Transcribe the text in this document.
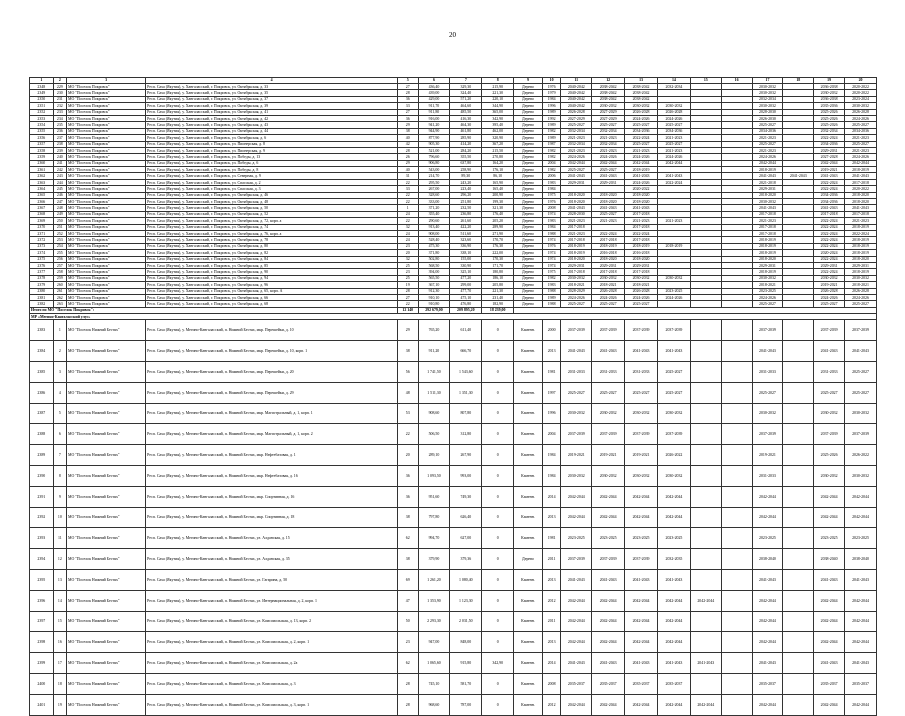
20
1	2	3	4	5	6	7	8	9	10	11	12	13	14	15	16	17	18	19	20
2348	229	МО "Поселок Покровск"	Респ. Саха (Якутия), у. Хангаласский, г. Покровск, ул. Октябрьская, д. 33	27	436,40	329,30	215,90	Дерево	1976	2040-2042	2038-2042	2038-2042	2032-2034			2030-2032		2036-2038	2020-2022
2349	230	МО "Поселок Покровск"	Респ. Саха (Якутия), у. Хангаласский, г. Покровск, ул. Октябрьская, д. 35	28	439,00	324,40	221,30	Дерево	1979	2040-2042	2038-2042	2038-2042				2030-2032		2030-2032	2020-2022
2350	231	МО "Поселок Покровск"	Респ. Саха (Якутия), у. Хангаласский, г. Покровск, ул. Октябрьская, д. 37	36	429,00	571,20	220,10	Дерево	1984	2040-2042	2038-2042	2038-2042				2032-2034		2036-2038	2023-2024
2351	232	МО "Поселок Покровск"	Респ. Саха (Якутия), у. Хангаласский, г. Покровск, ул. Октябрьская, д. 39	33	911,70	464,60	344,90	Дерево	1996	2040-2042	2030-2032	2030-2032	2030-2032			2030-2032		2035-2036	2030-2032
2352	233	МО "Поселок Покровск"	Респ. Саха (Якутия), у. Хангаласский, г. Покровск, ул. Октябрьская, д. 41	27	911,80	485,50	365,00	Дерево	1989	2026-2028	2027-2029	2026-2028	2026-2028			2028-2030		2025-2026	2026-2028
2353	234	МО "Поселок Покровск"	Респ. Саха (Якутия), у. Хангаласский, г. Покровск, ул. Октябрьская, д. 42	36	916,00	416,30	342,90	Дерево	1992	2027-2029	2027-2029	2024-2026	2024-2026			2026-2030		2025-2026	2024-2026
2354	235	МО "Поселок Покровск"	Респ. Саха (Якутия), у. Хангаласский, г. Покровск, ул. Октябрьская, д. 43	29	941,20	464,30	395,40	Дерево	1989	2025-2027	2025-2027	2025-2027	2025-2027			2025-2027		2025-2026	2025-2027
2355	236	МО "Поселок Покровск"	Респ. Саха (Якутия), у. Хангаласский, г. Покровск, ул. Октябрьская, д. 44	38	944,90	461,80	462,00	Дерево	1982	2032-2034	2032-2034	2034-2036	2034-2036			2034-2036		2032-2034	2034-2036
2356	237	МО "Поселок Покровск"	Респ. Саха (Якутия), у. Хангаласский, г. Покровск, ул. Октябрьская, д. 6	40	877,90	285,90	320,90	Дерево	1989	2021-2023	2021-2023	2022-2024	2021-2023			2021-2023		2022-2024	2021-2023
2357	238	МО "Поселок Покровск"	Респ. Саха (Якутия), у. Хангаласский, г. Покровск, ул. Пионерская, д. 8	42	905,30	414,20	367,20	Дерево	1987	2032-2034	2032-2034	2025-2027	2025-2027			2025-2027		2034-2036	2025-2027
2358	239	МО "Поселок Покровск"	Респ. Саха (Якутия), у. Хангаласский, г. Покровск, ул. Пионерская, д. 9	28	521,00	284,20	215,50	Дерево	1982	2021-2023	2021-2023	2021-2023	2021-2023			2021-2023		2029-2031	2021-2023
2359	240	МО "Поселок Покровск"	Респ. Саха (Якутия), у. Хангаласский, г. Покровск, ул. Победы, д. 13	26	796,60	355,50	270,80	Дерево	1982	2024-2026	2024-2026	2024-2026	2024-2026			2024-2026		2027-2028	2024-2026
2360	241	МО "Поселок Покровск"	Респ. Саха (Якутия), у. Хангаласский, г. Покровск, ул. Победы, д. 6	29	906,80	637,80	164,20	Дерево	2004	2042-2044	2042-2044	2042-2044	2042-2044			2042-2044		2042-2044	2042-2044
2361	242	МО "Поселок Покровск"	Респ. Саха (Якутия), у. Хангаласский, г. Покровск, ул. Победы, д. 8	40	543,00	258,90	176,10	Дерево	1982	2025-2027	2025-2027	2018-2019				2018-2019		2019-2021	2018-2019
2362	243	МО "Поселок Покровск"	Респ. Саха (Якутия), у. Хангаласский, г. Покровск, ул. Северная, д. 9	31	214,70	89,30	86,10	Дерево	2006	2041-2043	2041-2043	2041-2043	2041-2043			2041-2043	2041-2043	2041-2043	2041-2043
2363	244	МО "Поселок Покровск"	Респ. Саха (Якутия), у. Хангаласский, г. Покровск, ул. Спасская, д. 2	22	295,50	243,20	165,90	Дерево	1983	2029-2031	2029-2031	2024-2026	2022-2024			2021-2018		2022-2024	2017-2018
2364	245	МО "Поселок Покровск"	Респ. Саха (Якутия), у. Хангаласский, г. Покровск, ул. Спасская, д. 3	33	267,00	223,40	165,40	Дерево	1984			2020-2022				2029-2031		2022-2024	2020-2022
2365	246	МО "Поселок Покровск"	Респ. Саха (Якутия), у. Хангаласский, г. Покровск, ул. Октябрьская, д. 46	22	328,60	296,20	200,90	Дерево	1975	2018-2020	2018-2020	2018-2020				2018-2020		2034-2036	2018-2020
2366	247	МО "Поселок Покровск"	Респ. Саха (Якутия), у. Хангаласский, г. Покровск, ул. Октябрьская, д. 48	22	333,00	251,80	199,30	Дерево	1976	2018-2020	2018-2020	2018-2020				2030-2032		2034-2036	2018-2020
2367	248	МО "Поселок Покровск"	Респ. Саха (Якутия), у. Хангаласский, г. Покровск, ул. Октябрьская, д. 50	1	371,20	232,50	321,30	Дерево	2008	2041-2043	2041-2043	2041-2043				2041-2043		2041-2043	2041-2043
2368	249	МО "Поселок Покровск"	Респ. Саха (Якутия), у. Хангаласский, г. Покровск, ул. Октябрьская, д. 52	24	355,40	236,80	176,40	Дерево	1974	2028-2030	2025-2027	2017-2018				2017-2018		2017-2018	2017-2018
2369	250	МО "Поселок Покровск"	Респ. Саха (Якутия), у. Хангаласский, г. Покровск, ул. Октябрьская, д. 72, корп. а	22	290,60	261,60	205,20	Дерево	1983	2021-2023	2021-2023	2021-2023	2021-2023			2021-2023		2022-2024	2021-2023
2370	251	МО "Поселок Покровск"	Респ. Саха (Якутия), у. Хангаласский, г. Покровск, ул. Октябрьская, д. 74	32	913,40	422,20	289,90	Дерево	1984	2017-2018		2017-2018				2017-2018		2022-2024	2018-2019
2371	252	МО "Поселок Покровск"	Респ. Саха (Якутия), у. Хангаласский, г. Покровск, ул. Октябрьская, д. 76, корп. а	24	908,00	511,60	271,90	Дерево	1988	2021-2023	2022-2024	2022-2024				2017-2018		2022-2024	2022-2024
2372	253	МО "Поселок Покровск"	Респ. Саха (Якутия), у. Хангаласский, г. Покровск, ул. Октябрьская, д. 78	24	528,40	323,60	170,70	Дерево	1974	2017-2018	2017-2018	2017-2018				2018-2019		2022-2024	2018-2019
2373	254	МО "Поселок Покровск"	Респ. Саха (Якутия), у. Хангаласский, г. Покровск, ул. Октябрьская, д. 80	23	475,30	336,90	176,30	Дерево	1976	2018-2019	2018-2019	2018-2019	2018-2019			2018-2019		2022-2024	2018-2019
2374	255	МО "Поселок Покровск"	Респ. Саха (Якутия), у. Хангаласский, г. Покровск, ул. Октябрьская, д. 82	20	371,80	338,10	222,00	Дерево	1974	2018-2019	2016-2018	2016-2018				2018-2019		2020-2024	2018-2019
2375	256	МО "Поселок Покровск"	Респ. Саха (Якутия), у. Хангаласский, г. Покровск, ул. Октябрьская, д. 84	32	502,80	155,00	170,30	Дерево	1974	2018-2020	2018-2020	2018-2020				2018-2020		2022-2024	2018-2020
2376	257	МО "Поселок Покровск"	Респ. Саха (Якутия), у. Хангаласский, г. Покровск, ул. Октябрьская, д. 85	25	568,50	330,90	171,70	Дерево	1974	2029-2031	2029-2031	2029-2031				2029-2031		2029-2031	2029-2031
2377	258	МО "Поселок Покровск"	Респ. Саха (Якутия), у. Хангаласский, г. Покровск, ул. Октябрьская, д. 90	23	394,00	325,10	180,80	Дерево	1975	2017-2018	2017-2018	2017-2018				2018-2019		2022-2024	2018-2019
2378	259	МО "Поселок Покровск"	Респ. Саха (Якутия), у. Хангаласский, г. Покровск, ул. Октябрьская, д. 94	25	565,50	477,20	186,10	Дерево	1982	2030-2032	2030-2032	2030-2032	2030-2032			2030-2032		2030-2032	2030-2032
2379	260	МО "Поселок Покровск"	Респ. Саха (Якутия), у. Хангаласский, г. Покровск, ул. Октябрьская, д. 96	19	367,10	299,00	205,80	Дерево	1983	2018-2021	2018-2021	2018-2021				2018-2021		2019-2021	2018-2021
2380	261	МО "Поселок Покровск"	Респ. Саха (Якутия), у. Хангаласский, г. Покровск, ул. Октябрьская, д. 65, корп. А	28	912,30	477,70	221,30	Дерево	1988	2028-2029	2026-2028	2026-2028	2023-2025			2023-2025		2026-2028	2026-2028
2381	262	МО "Поселок Покровск"	Респ. Саха (Якутия), у. Хангаласский, г. Покровск, ул. Октябрьская, д. 66	27	910,10	475,10	231,40	Дерево	1989	2024-2026	2024-2026	2024-2026	2024-2026			2024-2026		2024-2026	2024-2026
2382	263	МО "Поселок Покровск"	Респ. Саха (Якутия), у. Хангаласский, г. Покровск, ул. Октябрьская, д. 68	22	910,80	476,80	182,90	Дерево	1988	2025-2027	2025-2027	2025-2027				2025-2027		2025-2027	2025-2027
Итого по МО "Поселок Покровск":				12 140	292 679,00	209 895,20	18 239,00												
МР «Мегино-Кангаласский улус»																			
2383	1	МО "Поселок Нижний Бестях"	Респ. Саха (Якутия), у. Мегино-Кангаласский, п. Нижний Бестях, мкр. Перешейки, д. 10	29	765,20	611,40	0	Каменн.	2000	2037-2039	2037-2039	2037-2039	2037-2039			2037-2039		2037-2039	2037-2039
2384	2	МО "Поселок Нижний Бестях"	Респ. Саха (Якутия), у. Мегино-Кангаласский, п. Нижний Бестях, мкр. Перешейки, д. 10, корп. 1	38	911,20	666,70	0	Каменн.	2013	2041-2043	2041-2043	2041-2043	2041-2043			2041-2043		2041-2043	2041-2043
2385	3	МО "Поселок Нижний Бестях"	Респ. Саха (Якутия), у. Мегино-Кангаласский, п. Нижний Бестях, мкр. Перешейки, д. 20	56	1 741,50	1 543,60	0	Каменн.	1981	2031-2033	2031-2033	2031-2033	2025-2027			2031-2033		2031-2033	2025-2027
2386	4	МО "Поселок Нижний Бестях"	Респ. Саха (Якутия), у. Мегино-Кангаласский, п. Нижний Бестях, мкр. Перешейки, д. 29	48	1 511,30	1 351,30	0	Каменн.	1997	2025-2027	2025-2027	2025-2027	2025-2027			2025-2027		2025-2027	2025-2027
2387	5	МО "Поселок Нижний Бестях"	Респ. Саха (Якутия), у. Мегино-Кангаласский, п. Нижний Бестях, мкр. Магистральный, д. 1, корп. 1	53	908,60	807,80	0	Каменн.	1996	2030-2032	2030-2032	2030-2032	2030-2032			2030-2032		2030-2032	2030-2032
2388	6	МО "Поселок Нижний Бестях"	Респ. Саха (Якутия), у. Мегино-Кангаласский, п. Нижний Бестях, мкр. Магистральный, д. 1, корп. 2	22	506,50	312,80	0	Каменн.	2004	2037-2039	2037-2039	2037-2039	2037-2039			2037-2039		2037-2039	2037-2039
2389	7	МО "Поселок Нижний Бестях"	Респ. Саха (Якутия), у. Мегино-Кангаласский, п. Нижний Бестях, мкр. Нефтебазовая, д. 1	20	289,10	267,90	0	Каменн.	1984	2019-2021	2019-2021	2019-2021	2026-2022			2019-2021		2025-2026	2026-2022
2390	8	МО "Поселок Нижний Бестях"	Респ. Саха (Якутия), у. Мегино-Кангаласский, п. Нижний Бестях, мкр. Нефтебазовая, д. 16	36	1 093,50	993,00	0	Каменн.	1984	2030-2032	2030-2032	2030-2032	2030-2032			2031-2033		2030-2032	2030-2032
2391	9	МО "Поселок Нижний Бестях"	Респ. Саха (Якутия), у. Мегино-Кангаласский, п. Нижний Бестях, мкр. Спортивная, д. 16	36	951,60	749,30	0	Каменн.	2014	2042-2044	2042-2044	2042-2044	2042-2044			2042-2044		2042-2044	2042-2044
2392	10	МО "Поселок Нижний Бестях"	Респ. Саха (Якутия), у. Мегино-Кангаласский, п. Нижний Бестях, мкр. Спортивная, д. 18	38	797,80	626,40	0	Каменн.	2013	2042-2044	2042-2044	2042-2044	2042-2044			2042-2044		2042-2044	2042-2044
2393	11	МО "Поселок Нижний Бестях"	Респ. Саха (Якутия), у. Мегино-Кангаласский, п. Нижний Бестях, ул. Алданская, д. 15	62	994,70	627,00	0	Каменн.	1981	2023-2025	2023-2025	2023-2025	2023-2025			2023-2025		2023-2025	2023-2025
2394	12	МО "Поселок Нижний Бестях"	Респ. Саха (Якутия), у. Мегино-Кангаласский, п. Нижний Бестях, ул. Алданская, д. 35	38	379,90	379,36	0	Дерево	2011	2037-2039	2037-2039	2037-2039	2032-2035			2038-2040		2038-2040	2038-2040
2395	13	МО "Поселок Нижний Бестях"	Респ. Саха (Якутия), у. Мегино-Кангаласский, п. Нижний Бестях, ул. Гагарина, д. 50	69	1 261,20	1 080,40	0	Каменн.	2013	2041-2043	2041-2043	2041-2043	2041-2043			2041-2043		2041-2043	2041-2043
2396	14	МО "Поселок Нижний Бестях"	Респ. Саха (Якутия), у. Мегино-Кангаласский, п. Нижний Бестях, ул. Интернациональная, д. 2, корп. 1	47	1 353,90	1 123,30	0	Каменн.	2012	2042-2044	2042-2044	2042-2044	2042-2044	2042-2044		2042-2044		2042-2044	2042-2044
2397	15	МО "Поселок Нижний Бестях"	Респ. Саха (Якутия), у. Мегино-Кангаласский, п. Нижний Бестях, ул. Комсомольская, д. 13, корп. 2	50	2 293,30	2 031,50	0	Каменн.	2011	2042-2044	2042-2044	2042-2044	2042-2044			2042-2044		2042-2044	2042-2044
2398	16	МО "Поселок Нижний Бестях"	Респ. Саха (Якутия), у. Мегино-Кангаласский, п. Нижний Бестях, ул. Комсомольская, д. 2, корп. 1	23	947,00	848,00	0	Каменн.	2013	2042-2044	2042-2044	2042-2044	2042-2044			2042-2044		2042-2044	2042-2044
2399	17	МО "Поселок Нижний Бестях"	Респ. Саха (Якутия), у. Мегино-Кангаласский, п. Нижний Бестях, ул. Комсомольская, д. 2а	62	1 065,60	915,80	342,90	Каменн.	2014	2041-2043	2041-2043	2041-2043	2041-2043	2041-2043		2041-2043		2041-2043	2041-2043
2400	18	МО "Поселок Нижний Бестях"	Респ. Саха (Якутия), у. Мегино-Кангаласский, п. Нижний Бестях, ул. Комсомольская, д. 3	28	745,10	581,70	0	Каменн.	2008	2035-2037	2035-2037	2035-2037	2035-2037			2035-2037		2035-2037	2035-2037
2401	19	МО "Поселок Нижний Бестях"	Респ. Саха (Якутия), у. Мегино-Кангаласский, п. Нижний Бестях, ул. Комсомольская, д. 3, корп. 1	28	968,60	787,00	0	Каменн.	2012	2042-2044	2042-2044	2042-2044	2042-2044	2042-2044		2042-2044		2042-2044	2042-2044
